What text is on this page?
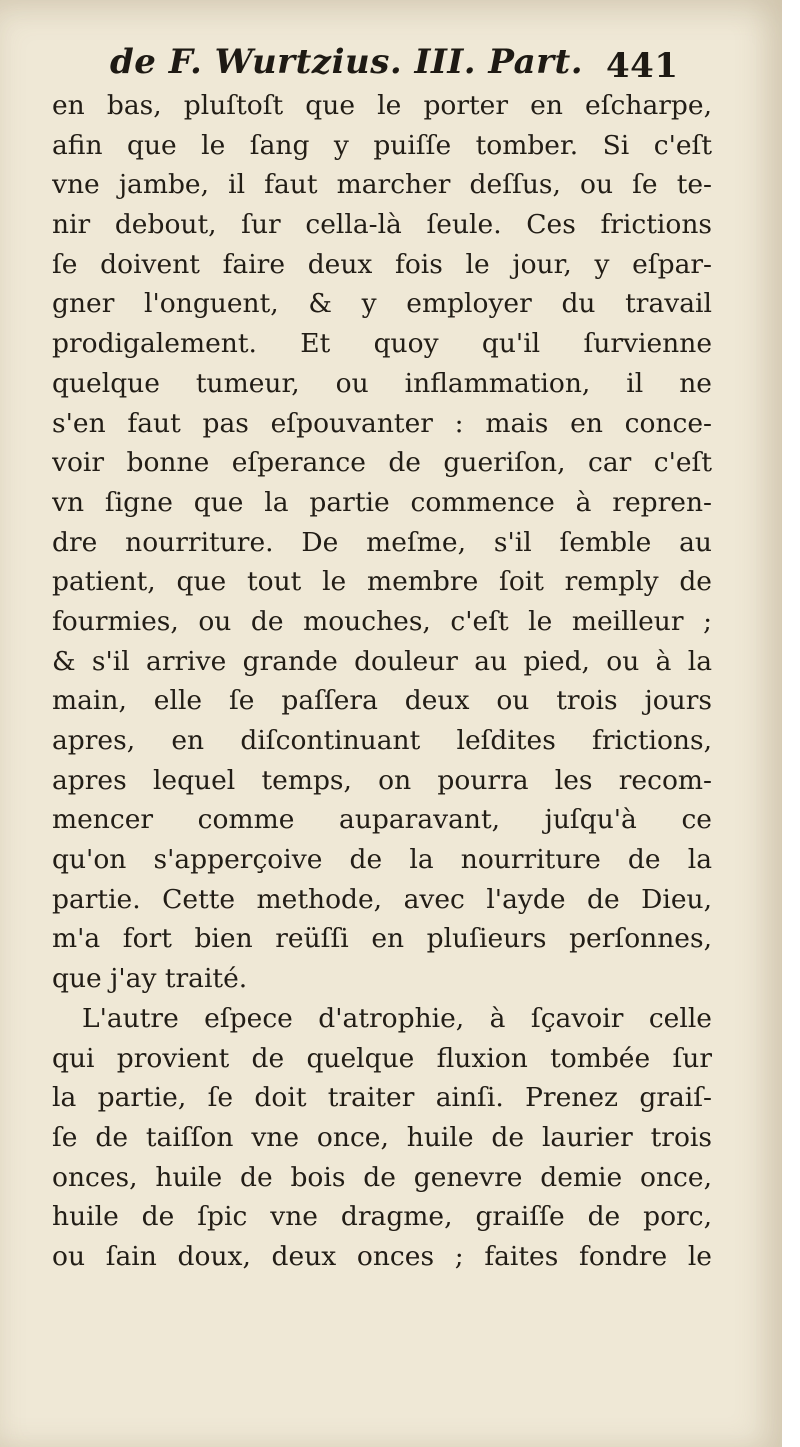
de F. Wurtzius. III. Part. 441
en bas, pluſtoſt que le porter en eſcharpe,
afin que le ſang y puiſſe tomber. Si c'eſt
vne jambe, il faut marcher deſſus, ou ſe te-
nir debout, ſur cella-là ſeule. Ces frictions
ſe doivent faire deux fois le jour, y eſpar-
gner l'onguent, & y employer du travail
prodigalement. Et quoy qu'il ſurvienne
quelque tumeur, ou inflammation, il ne
s'en faut pas eſpouvanter : mais en conce-
voir bonne eſperance de gueriſon, car c'eſt
vn ſigne que la partie commence à repren-
dre nourriture. De meſme, s'il ſemble au
patient, que tout le membre ſoit remply de
fourmies, ou de mouches, c'eſt le meilleur ;
& s'il arrive grande douleur au pied, ou à la
main, elle ſe paſſera deux ou trois jours
apres, en diſcontinuant leſdites frictions,
apres lequel temps, on pourra les recom-
mencer comme auparavant, juſqu'à ce
qu'on s'apperçoive de la nourriture de la
partie. Cette methode, avec l'ayde de Dieu,
m'a fort bien reüſſi en pluſieurs perſonnes,
que j'ay traité.
L'autre eſpece d'atrophie, à ſçavoir celle
qui provient de quelque fluxion tombée ſur
la partie, ſe doit traiter ainſi. Prenez graiſ-
ſe de taiſſon vne once, huile de laurier trois
onces, huile de bois de genevre demie once,
huile de ſpic vne dragme, graiſſe de porc,
ou ſain doux, deux onces ; faites fondre le
